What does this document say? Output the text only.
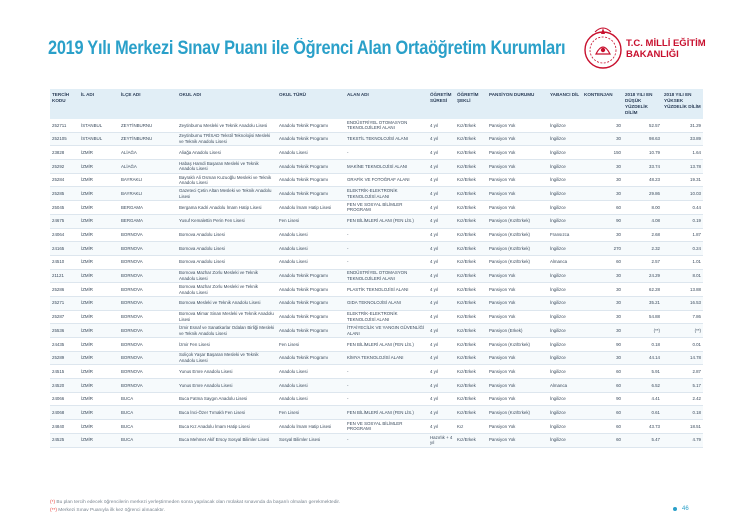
2019 Yılı Merkezi Sınav Puanı ile Öğrenci Alan Ortaöğretim Kurumları	T.C. MİLLİ EĞİTİM
BAKANLIĞI
TERCİH KODU	İL ADI	İLÇE ADI	OKUL ADI	OKUL TÜRÜ	ALAN ADI	ÖĞRETİM SÜRESİ	ÖĞRETİM ŞEKLİ	PANSİYON DURUMU	YABANCI DİL	KONTENJAN	2018 YILI EN DÜŞÜK YÜZDELİK DİLİM	2018 YILI EN YÜKSEK YÜZDELİK DİLİM
252711	İSTANBUL	ZEYTİNBURNU	Zeytinburnu Mesleki ve Teknik Anadolu Lisesi	Anadolu Teknik Programı	ENDÜSTRİYEL OTOMASYON TEKNOLOJİLERİ ALANI	4 yıl	Kız/Erkek	Pansiyon Yok	İngilizce	30	52.57	31.29
252105	İSTANBUL	ZEYTİNBURNU	Zeytinburnu TRİSAD Tekstil Teknolojisi Mesleki ve Teknik Anadolu Lisesi	Anadolu Teknik Programı	TEKSTİL TEKNOLOJİSİ ALANI	4 yıl	Kız/Erkek	Pansiyon Yok	İngilizce	30	98.63	33.89
23828	İZMİR	ALİAĞA	Aliağa Anadolu Lisesi	Anadolu Lisesi	-	4 yıl	Kız/Erkek	Pansiyon Yok	İngilizce	150	10.79	1.64
25292	İZMİR	ALİAĞA	Habaş Hamdi Başaran Mesleki ve Teknik Anadolu Lisesi	Anadolu Teknik Programı	MAKİNE TEKNOLOJİSİ ALANI	4 yıl	Kız/Erkek	Pansiyon Yok	İngilizce	30	33.74	13.78
25284	İZMİR	BAYRAKLI	Bayraklı Ali Osman Kuzuoğlu Mesleki ve Teknik Anadolu Lisesi	Anadolu Teknik Programı	GRAFİK VE FOTOĞRAF ALANI	4 yıl	Kız/Erkek	Pansiyon Yok	İngilizce	30	48.23	19.31
25285	İZMİR	BAYRAKLI	Gazeteci Çetin Altan Mesleki ve Teknik Anadolu Lisesi	Anadolu Teknik Programı	ELEKTRİK-ELEKTRONİK TEKNOLOJİSİ ALANI	4 yıl	Kız/Erkek	Pansiyon Yok	İngilizce	30	29.86	10.03
25045	İZMİR	BERGAMA	Bergama Kadri Anadolu İmam Hatip Lisesi	Anadolu İmam Hatip Lisesi	FEN VE SOSYAL BİLİMLER PROGRAMI	4 yıl	Kız/Erkek	Pansiyon Yok	İngilizce	60	8.00	0.44
24675	İZMİR	BERGAMA	Yusuf Kemalettin Perin Fen Lisesi	Fen Lisesi	FEN BİLİMLERİ ALANI (FEN LİS.)	4 yıl	Kız/Erkek	Pansiyon (Kız/Erkek)	İngilizce	90	4.08	0.19
24064	İZMİR	BORNOVA	Bornova Anadolu Lisesi	Anadolu Lisesi	-	4 yıl	Kız/Erkek	Pansiyon (Kız/Erkek)	Fransızca	30	2.68	1.87
24165	İZMİR	BORNOVA	Bornova Anadolu Lisesi	Anadolu Lisesi	-	4 yıl	Kız/Erkek	Pansiyon (Kız/Erkek)	İngilizce	270	2.32	0.24
24510	İZMİR	BORNOVA	Bornova Anadolu Lisesi	Anadolu Lisesi	-	4 yıl	Kız/Erkek	Pansiyon (Kız/Erkek)	Almanca	60	2.57	1.01
21121	İZMİR	BORNOVA	Bornova Mazhar Zorlu Mesleki ve Teknik Anadolu Lisesi	Anadolu Teknik Programı	ENDÜSTRİYEL OTOMASYON TEKNOLOJİLERİ ALANI	4 yıl	Kız/Erkek	Pansiyon Yok	İngilizce	30	24.29	8.01
25286	İZMİR	BORNOVA	Bornova Mazhar Zorlu Mesleki ve Teknik Anadolu Lisesi	Anadolu Teknik Programı	PLASTİK TEKNOLOJİSİ ALANI	4 yıl	Kız/Erkek	Pansiyon Yok	İngilizce	30	62.28	13.88
25271	İZMİR	BORNOVA	Bornova Mesleki ve Teknik Anadolu Lisesi	Anadolu Teknik Programı	GIDA TEKNOLOJİSİ ALANI	4 yıl	Kız/Erkek	Pansiyon Yok	İngilizce	30	35.21	16.53
25287	İZMİR	BORNOVA	Bornova Mimar Sinan Mesleki ve Teknik Anadolu Lisesi	Anadolu Teknik Programı	ELEKTRİK-ELEKTRONİK TEKNOLOJİSİ ALANI	4 yıl	Kız/Erkek	Pansiyon Yok	İngilizce	30	54.88	7.86
25536	İZMİR	BORNOVA	İzmir Esnaf ve Sanatkarlar Odaları Birliği Mesleki ve Teknik Anadolu Lisesi	Anadolu Teknik Programı	İTFAİYECİLİK VE YANGIN GÜVENLİĞİ ALANI	4 yıl	Kız/Erkek	Pansiyon (Erkek)	İngilizce	30	(**)	(**)
24435	İZMİR	BORNOVA	İzmir Fen Lisesi	Fen Lisesi	FEN BİLİMLERİ ALANI (FEN LİS.)	4 yıl	Kız/Erkek	Pansiyon (Kız/Erkek)	İngilizce	90	0.18	0.01
25289	İZMİR	BORNOVA	Soliçok Yaşar Başaran Mesleki ve Teknik Anadolu Lisesi	Anadolu Teknik Programı	KİMYA TEKNOLOJİSİ ALANI	4 yıl	Kız/Erkek	Pansiyon Yok	İngilizce	30	44.14	14.78
24515	İZMİR	BORNOVA	Yunus Emre Anadolu Lisesi	Anadolu Lisesi	-	4 yıl	Kız/Erkek	Pansiyon Yok	İngilizce	60	5.91	2.87
24520	İZMİR	BORNOVA	Yunus Emre Anadolu Lisesi	Anadolu Lisesi	-	4 yıl	Kız/Erkek	Pansiyon Yok	Almanca	60	6.52	5.17
24066	İZMİR	BUCA	Buca Fatma Saygın Anadolu Lisesi	Anadolu Lisesi	-	4 yıl	Kız/Erkek	Pansiyon Yok	İngilizce	90	4.41	2.42
24068	İZMİR	BUCA	Buca İnci-Özer Tırnaklı Fen Lisesi	Fen Lisesi	FEN BİLİMLERİ ALANI (FEN LİS.)	4 yıl	Kız/Erkek	Pansiyon (Kız/Erkek)	İngilizce	60	0.61	0.18
24840	İZMİR	BUCA	Buca Kız Anadolu İmam Hatip Lisesi	Anadolu İmam Hatip Lisesi	FEN VE SOSYAL BİLİMLER PROGRAMI	4 yıl	Kız	Pansiyon Yok	İngilizce	60	43.73	18.51
24525	İZMİR	BUCA	Buca Mehmet Akif Ersoy Sosyal Bilimler Lisesi	Sosyal Bilimler Lisesi	-	Hazırlık + 4 yıl	Kız/Erkek	Pansiyon Yok	İngilizce	60	5.47	4.79
(*) Bu plan tercih edecek öğrencilerin merkezi yerleştirmeden sonra yapılacak olan mülakat sınavında da başarılı olmaları gerekmektedir.
(**) Merkezi Sınav Puanıyla ilk kez öğrenci alınacaktır.	46
